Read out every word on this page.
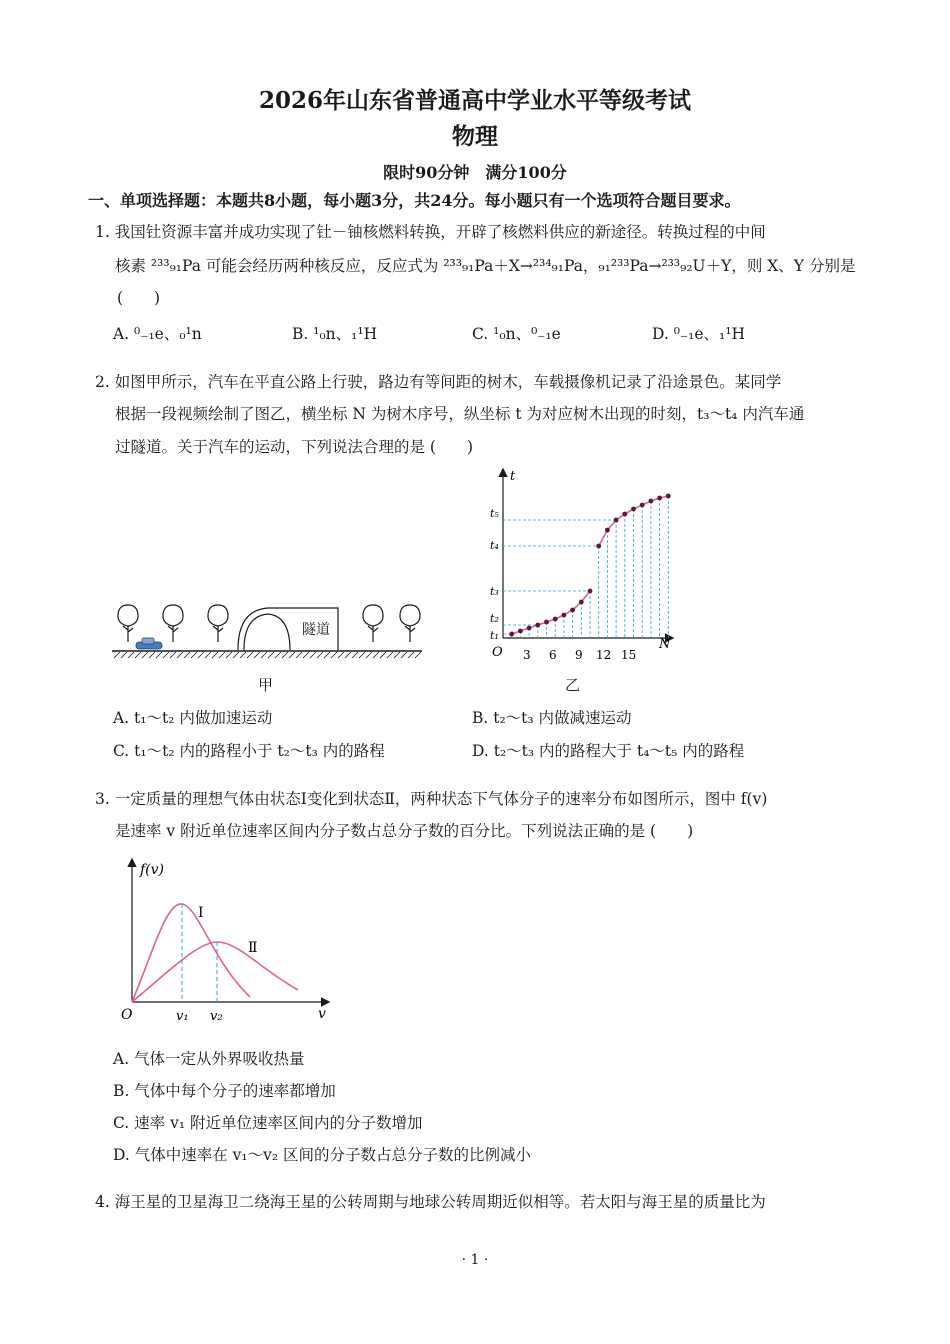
2026年山东省普通高中学业水平等级考试
物理
限时90分钟　满分100分
一、单项选择题：本题共8小题，每小题3分，共24分。每小题只有一个选项符合题目要求。
1. 我国钍资源丰富并成功实现了钍－铀核燃料转换，开辟了核燃料供应的新途径。转换过程的中间
核素 ²³³₉₁Pa 可能会经历两种核反应，反应式为 ²³³₉₁Pa＋X→²³⁴₉₁Pa，₉₁²³³Pa→²³³₉₂U＋Y，则 X、Y 分别是
(　　)
A. ⁰₋₁e、₀¹n	B. ¹₀n、₁¹H	C. ¹₀n、⁰₋₁e	D. ⁰₋₁e、₁¹H
2. 如图甲所示，汽车在平直公路上行驶，路边有等间距的树木，车载摄像机记录了沿途景色。某同学
根据一段视频绘制了图乙，横坐标 N 为树木序号，纵坐标 t 为对应树木出现的时刻，t₃～t₄ 内汽车通
过隧道。关于汽车的运动，下列说法合理的是 (　　)
隧道
甲
t
N
O
t₁
t₂
t₃
t₄
t₅
3 6 9 12 15
乙
A. t₁～t₂ 内做加速运动	B. t₂～t₃ 内做减速运动
C. t₁～t₂ 内的路程小于 t₂～t₃ 内的路程	D. t₂～t₃ 内的路程大于 t₄～t₅ 内的路程
3. 一定质量的理想气体由状态Ⅰ变化到状态Ⅱ，两种状态下气体分子的速率分布如图所示，图中 f(v)
是速率 v 附近单位速率区间内分子数占总分子数的百分比。下列说法正确的是 (　　)
f(v)
v
O
Ⅰ
Ⅱ
v₁ v₂
A. 气体一定从外界吸收热量
B. 气体中每个分子的速率都增加
C. 速率 v₁ 附近单位速率区间内的分子数增加
D. 气体中速率在 v₁～v₂ 区间的分子数占总分子数的比例减小
4. 海王星的卫星海卫二绕海王星的公转周期与地球公转周期近似相等。若太阳与海王星的质量比为
· 1 ·
